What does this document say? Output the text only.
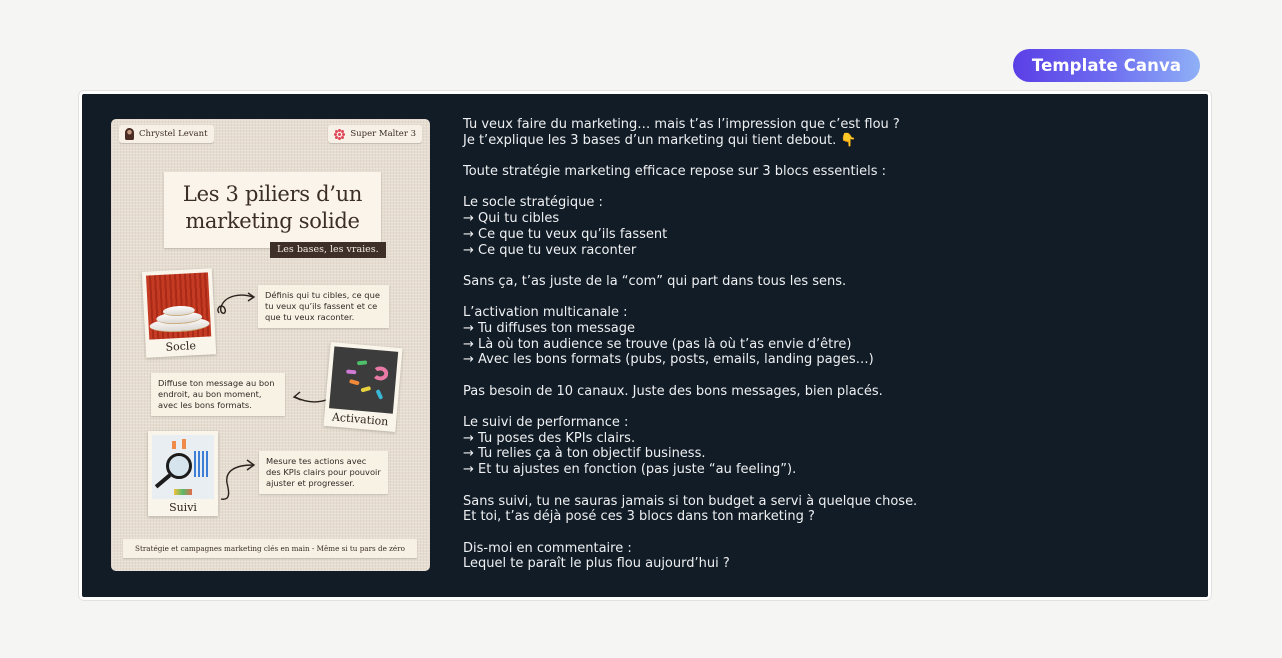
Template Canva
Chrystel Levant	Super Malter 3
Les 3 piliers d’un
marketing solide
Les bases, les vraies.
Socle
Définis qui tu cibles, ce que
tu veux qu’ils fassent et ce
que tu veux raconter.
Diffuse ton message au bon
endroit, au bon moment,
avec les bons formats.
Activation
Suivi
Mesure tes actions avec
des KPIs clairs pour pouvoir
ajuster et progresser.
Stratégie et campagnes marketing clés en main - Même si tu pars de zéro
Tu veux faire du marketing… mais t’as l’impression que c’est flou ?
Je t’explique les 3 bases d’un marketing qui tient debout. 👇
Toute stratégie marketing efficace repose sur 3 blocs essentiels :
Le socle stratégique :
→ Qui tu cibles
→ Ce que tu veux qu’ils fassent
→ Ce que tu veux raconter
Sans ça, t’as juste de la “com” qui part dans tous les sens.
L’activation multicanale :
→ Tu diffuses ton message
→ Là où ton audience se trouve (pas là où t’as envie d’être)
→ Avec les bons formats (pubs, posts, emails, landing pages…)
Pas besoin de 10 canaux. Juste des bons messages, bien placés.
Le suivi de performance :
→ Tu poses des KPIs clairs.
→ Tu relies ça à ton objectif business.
→ Et tu ajustes en fonction (pas juste “au feeling”).
Sans suivi, tu ne sauras jamais si ton budget a servi à quelque chose.
Et toi, t’as déjà posé ces 3 blocs dans ton marketing ?
Dis-moi en commentaire :
Lequel te paraît le plus flou aujourd’hui ?
